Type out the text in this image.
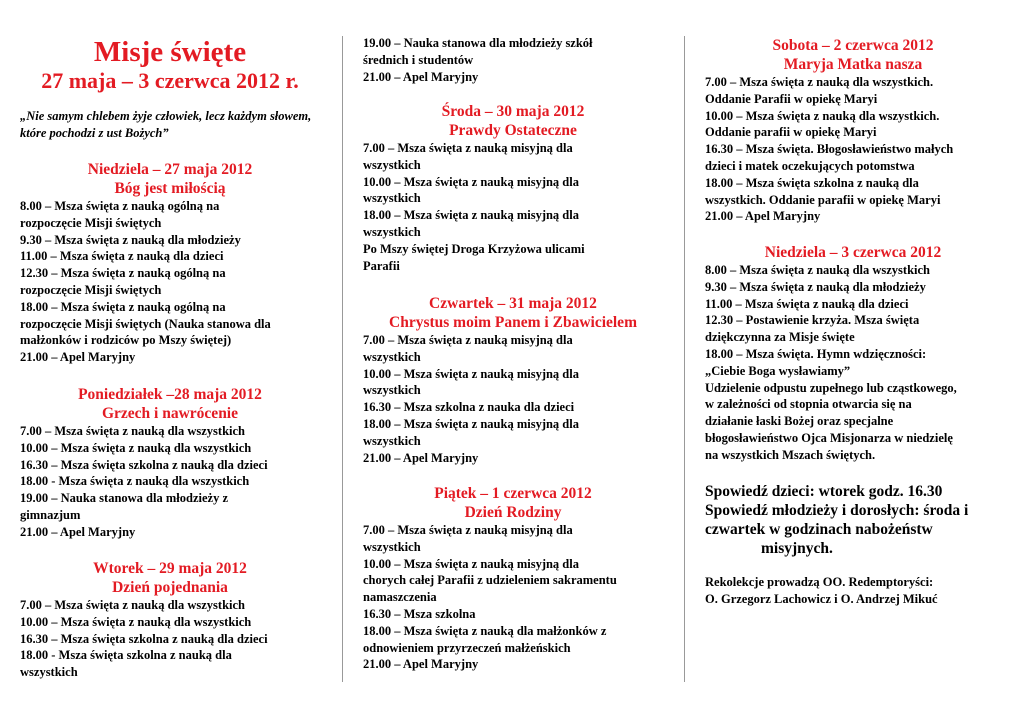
Misje święte
27 maja – 3 czerwca 2012 r.
„Nie samym chlebem żyje człowiek, lecz każdym słowem, które pochodzi z ust Bożych”
Niedziela – 27 maja 2012
Bóg jest miłością
8.00 – Msza święta z nauką ogólną na
rozpoczęcie Misji świętych
9.30 – Msza święta z nauką dla młodzieży
11.00 – Msza święta z nauką dla dzieci
12.30 – Msza święta z nauką ogólną na
rozpoczęcie Misji świętych
18.00 – Msza święta z nauką ogólną na
rozpoczęcie Misji świętych (Nauka stanowa dla
małżonków i rodziców po Mszy świętej)
21.00 – Apel Maryjny
Poniedziałek –28 maja 2012
Grzech i nawrócenie
7.00 – Msza święta z nauką dla wszystkich
10.00 – Msza święta z nauką dla wszystkich
16.30 – Msza święta szkolna z nauką dla dzieci
18.00 - Msza święta z nauką dla wszystkich
19.00 – Nauka stanowa dla młodzieży z
gimnazjum
21.00 – Apel Maryjny
Wtorek – 29 maja 2012
Dzień pojednania
7.00 – Msza święta z nauką dla wszystkich
10.00 – Msza święta z nauką dla wszystkich
16.30 – Msza święta szkolna z nauką dla dzieci
18.00 - Msza święta szkolna z nauką dla
wszystkich
19.00 – Nauka stanowa dla młodzieży szkół
średnich i studentów
21.00 – Apel Maryjny
Środa – 30 maja 2012
Prawdy Ostateczne
7.00 – Msza święta z nauką misyjną dla
wszystkich
10.00 – Msza święta z nauką misyjną dla
wszystkich
18.00 – Msza święta z nauką misyjną dla
wszystkich
Po Mszy świętej Droga Krzyżowa ulicami
Parafii
Czwartek – 31 maja 2012
Chrystus moim Panem i Zbawicielem
7.00 – Msza święta z nauką misyjną dla
wszystkich
10.00 – Msza święta z nauką misyjną dla
wszystkich
16.30 – Msza szkolna z nauka dla dzieci
18.00 – Msza święta z nauką misyjną dla
wszystkich
21.00 – Apel Maryjny
Piątek – 1 czerwca 2012
Dzień Rodziny
7.00 – Msza święta z nauką misyjną dla
wszystkich
10.00 – Msza święta z nauką misyjną dla
chorych całej Parafii z udzieleniem sakramentu
namaszczenia
16.30 – Msza szkolna
18.00 – Msza święta z nauką dla małżonków z
odnowieniem przyrzeczeń małżeńskich
21.00 – Apel Maryjny
Sobota – 2 czerwca 2012
Maryja Matka nasza
7.00 – Msza święta z nauką dla wszystkich.
Oddanie Parafii w opiekę Maryi
10.00 – Msza święta z nauką dla wszystkich.
Oddanie parafii w opiekę Maryi
16.30 – Msza święta. Błogosławieństwo małych
dzieci i matek oczekujących potomstwa
18.00 – Msza święta szkolna z nauką dla
wszystkich. Oddanie parafii w opiekę Maryi
21.00 – Apel Maryjny
Niedziela – 3 czerwca 2012
8.00 – Msza święta z nauką dla wszystkich
9.30 – Msza święta z nauką dla młodzieży
11.00 – Msza święta z nauką dla dzieci
12.30 – Postawienie krzyża. Msza święta
dziękczynna za Misje święte
18.00 – Msza święta. Hymn wdzięczności:
„Ciebie Boga wysławiamy”
Udzielenie odpustu zupełnego lub cząstkowego,
w zależności od stopnia otwarcia się na
działanie łaski Bożej oraz specjalne
błogosławieństwo Ojca Misjonarza w niedzielę
na wszystkich Mszach świętych.
Spowiedź dzieci: wtorek godz. 16.30
Spowiedź młodzieży i dorosłych: środa i
czwartek w godzinach nabożeństw
misyjnych.
Rekolekcje prowadzą OO. Redemptoryści:
O. Grzegorz Lachowicz i O. Andrzej Mikuć
